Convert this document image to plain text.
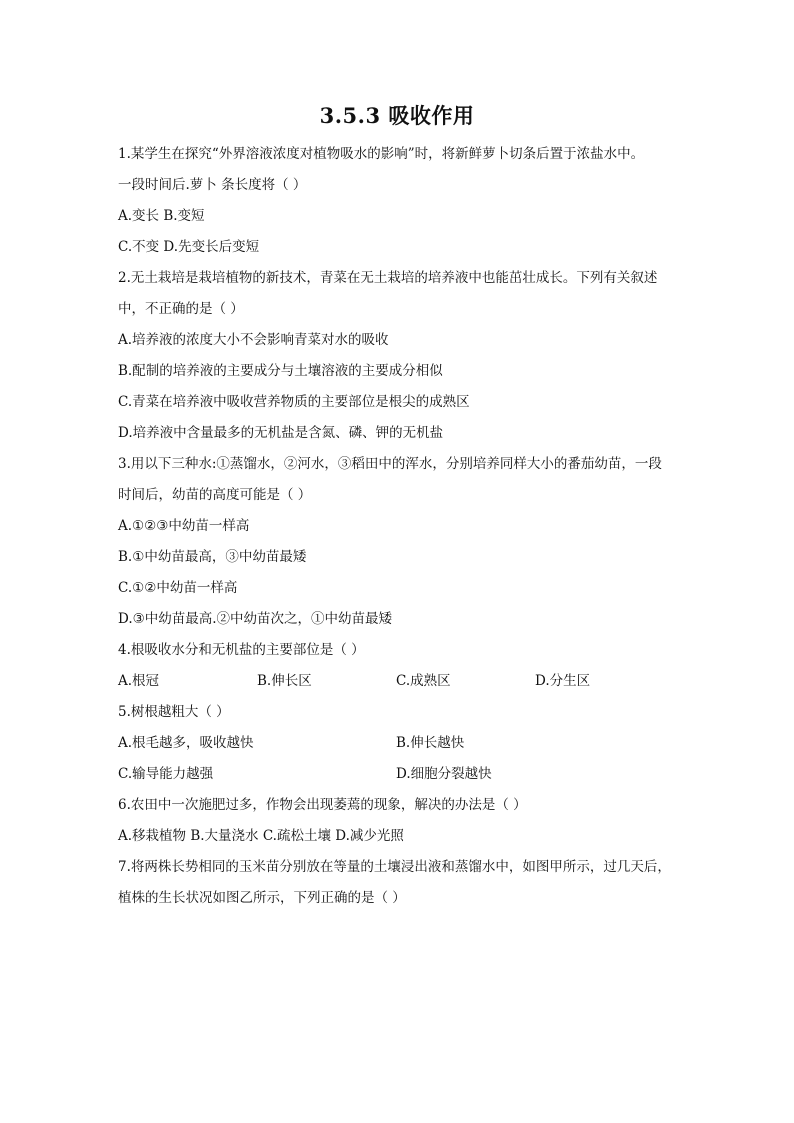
3.5.3 吸收作用
1.某学生在探究“外界溶液浓度对植物吸水的影响”时，将新鲜萝卜切条后置于浓盐水中。
一段时间后.萝卜 条长度将（ ）
A.变长 B.变短
C.不变 D.先变长后变短
2.无土栽培是栽培植物的新技术，青菜在无土栽培的培养液中也能茁壮成长。下列有关叙述
中，不正确的是（ ）
A.培养液的浓度大小不会影响青菜对水的吸收
B.配制的培养液的主要成分与土壤溶液的主要成分相似
C.青菜在培养液中吸收营养物质的主要部位是根尖的成熟区
D.培养液中含量最多的无机盐是含氮、磷、钾的无机盐
3.用以下三种水:①蒸馏水，②河水，③稻田中的浑水，分别培养同样大小的番茄幼苗，一段
时间后，幼苗的高度可能是（ ）
A.①②③中幼苗一样高
B.①中幼苗最高，③中幼苗最矮
C.①②中幼苗一样高
D.③中幼苗最高.②中幼苗次之，①中幼苗最矮
4.根吸收水分和无机盐的主要部位是（ ）
A.根冠	B.伸长区	C.成熟区	D.分生区
5.树根越粗大（ ）
A.根毛越多，吸收越快	B.伸长越快
C.输导能力越强	D.细胞分裂越快
6.农田中一次施肥过多，作物会出现萎蔫的现象，解决的办法是（ ）
A.移栽植物 B.大量浇水 C.疏松土壤 D.减少光照
7.将两株长势相同的玉米苗分别放在等量的土壤浸出液和蒸馏水中，如图甲所示，过几天后，
植株的生长状况如图乙所示，下列正确的是（ ）
